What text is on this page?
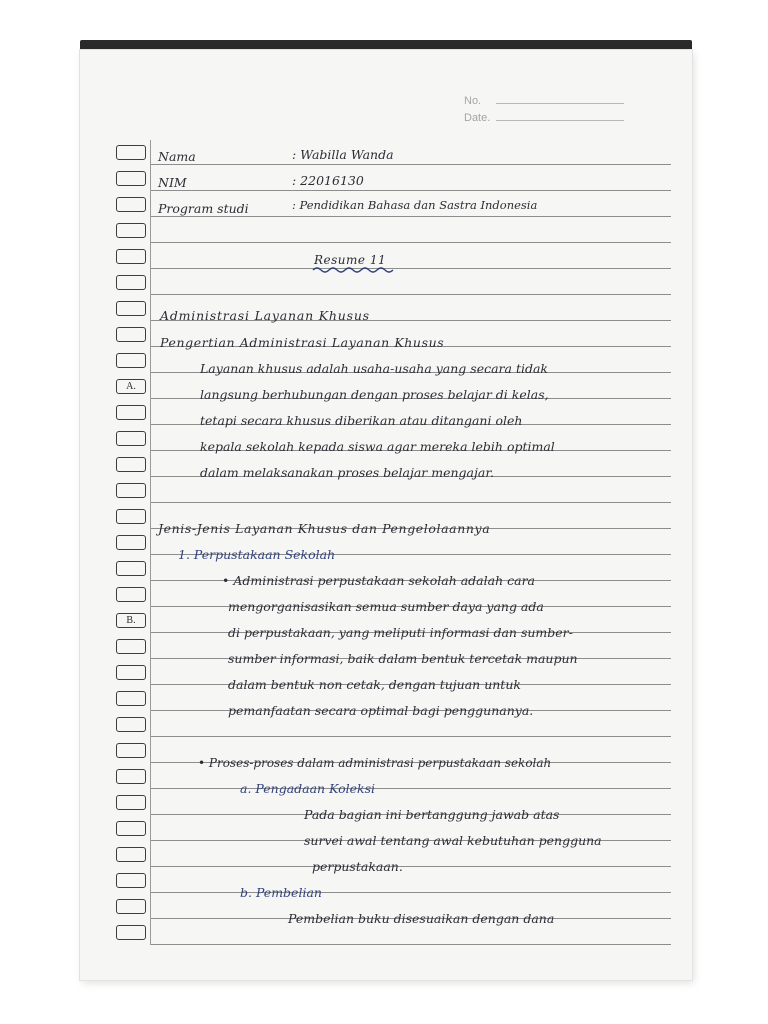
No.
Date.
A.
B.
Nama	: Wabilla Wanda
NIM	: 22016130
Program studi	: Pendidikan Bahasa dan Sastra Indonesia
Resume 11
Administrasi Layanan Khusus
Pengertian Administrasi Layanan Khusus
Layanan khusus adalah usaha-usaha yang secara tidak
langsung berhubungan dengan proses belajar di kelas,
tetapi secara khusus diberikan atau ditangani oleh
kepala sekolah kepada siswa agar mereka lebih optimal
dalam melaksanakan proses belajar mengajar.
Jenis-Jenis Layanan Khusus dan Pengelolaannya
1. Perpustakaan Sekolah
• Administrasi perpustakaan sekolah adalah cara
mengorganisasikan semua sumber daya yang ada
di perpustakaan, yang meliputi informasi dan sumber-
sumber informasi, baik dalam bentuk tercetak maupun
dalam bentuk non cetak, dengan tujuan untuk
pemanfaatan secara optimal bagi penggunanya.
• Proses-proses dalam administrasi perpustakaan sekolah
a. Pengadaan Koleksi
Pada bagian ini bertanggung jawab atas
survei awal tentang awal kebutuhan pengguna
perpustakaan.
b. Pembelian
Pembelian buku disesuaikan dengan dana
